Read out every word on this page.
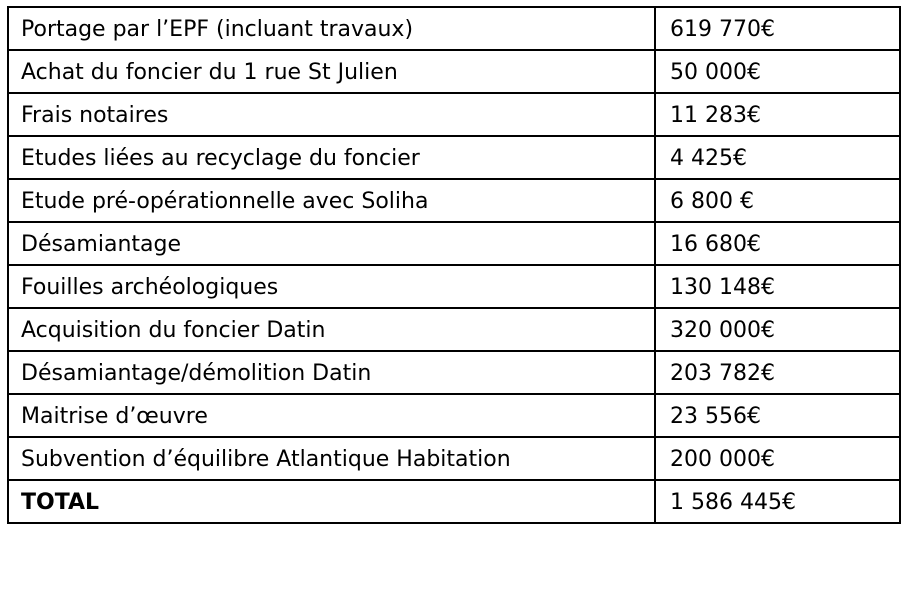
Portage par l’EPF (incluant travaux)	619 770€
Achat du foncier du 1 rue St Julien	50 000€
Frais notaires	11 283€
Etudes liées au recyclage du foncier	4 425€
Etude pré-opérationnelle avec Soliha	6 800 €
Désamiantage	16 680€
Fouilles archéologiques	130 148€
Acquisition du foncier Datin	320 000€
Désamiantage/démolition Datin	203 782€
Maitrise d’œuvre	23 556€
Subvention d’équilibre Atlantique Habitation	200 000€
TOTAL	1 586 445€
